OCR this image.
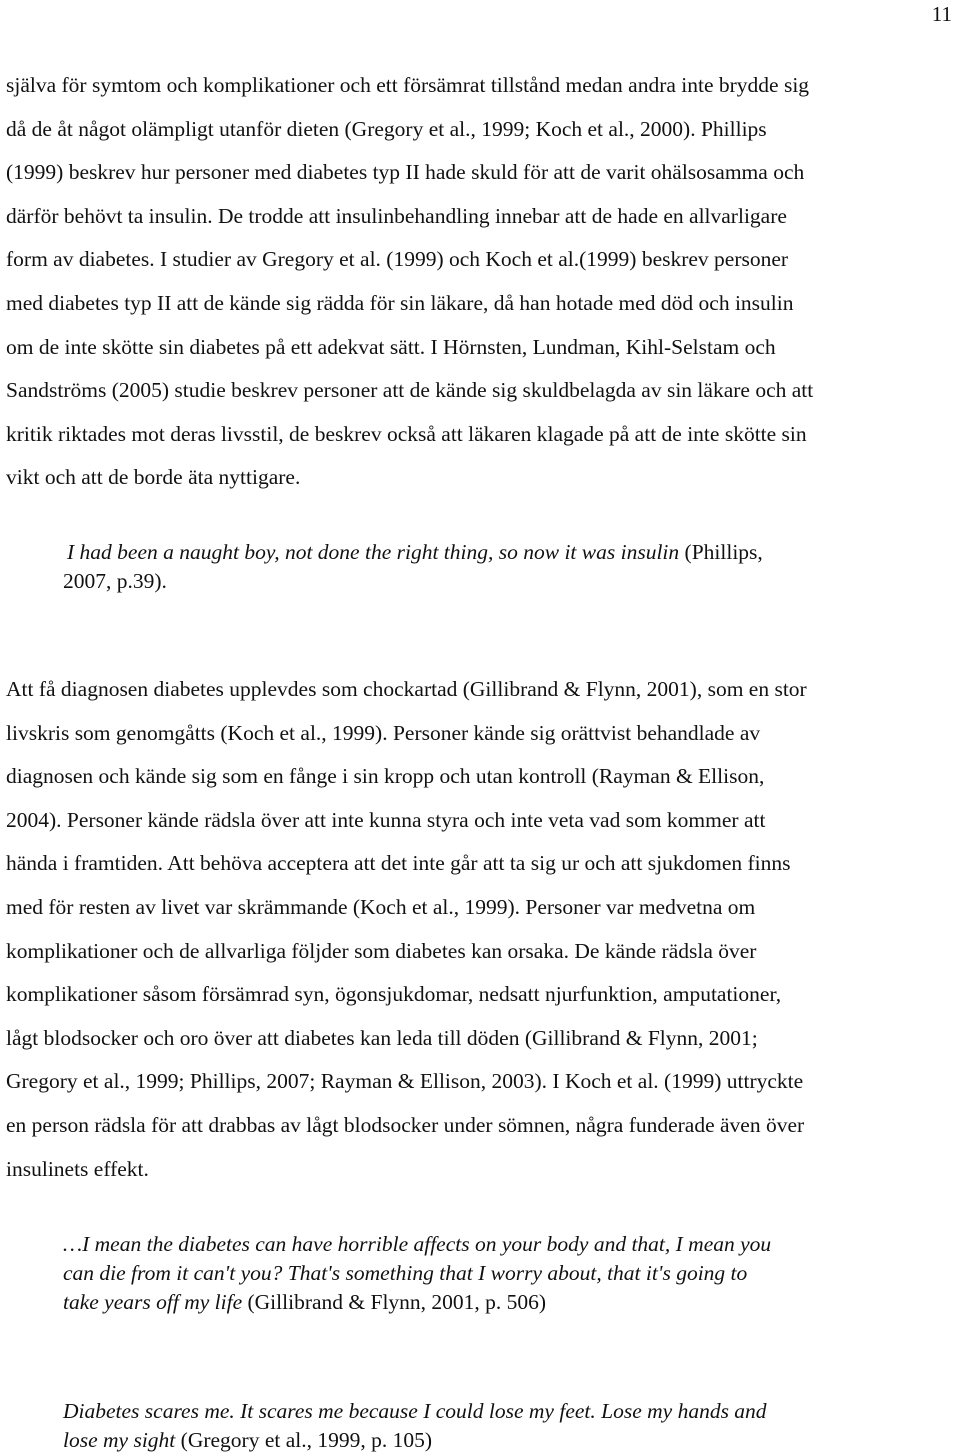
11

själva för symtom och komplikationer och ett försämrat tillstånd medan andra inte brydde sig
då de åt något olämpligt utanför dieten (Gregory et al., 1999; Koch et al., 2000). Phillips
(1999) beskrev hur personer med diabetes typ II hade skuld för att de varit ohälsosamma och
därför behövt ta insulin. De trodde att insulinbehandling innebar att de hade en allvarligare
form av diabetes. I studier av Gregory et al. (1999) och Koch et al.(1999) beskrev personer
med diabetes typ II att de kände sig rädda för sin läkare, då han hotade med död och insulin
om de inte skötte sin diabetes på ett adekvat sätt. I Hörnsten, Lundman, Kihl-Selstam och
Sandströms (2005) studie beskrev personer att de kände sig skuldbelagda av sin läkare och att
kritik riktades mot deras livsstil, de beskrev också att läkaren klagade på att de inte skötte sin
vikt och att de borde äta nyttigare.

I had been a naught boy, not done the right thing, so now it was insulin (Phillips,
2007, p.39).

Att få diagnosen diabetes upplevdes som chockartad (Gillibrand & Flynn, 2001), som en stor
livskris som genomgåtts (Koch et al., 1999). Personer kände sig orättvist behandlade av
diagnosen och kände sig som en fånge i sin kropp och utan kontroll (Rayman & Ellison,
2004). Personer kände rädsla över att inte kunna styra och inte veta vad som kommer att
hända i framtiden. Att behöva acceptera att det inte går att ta sig ur och att sjukdomen finns
med för resten av livet var skrämmande (Koch et al., 1999). Personer var medvetna om
komplikationer och de allvarliga följder som diabetes kan orsaka. De kände rädsla över
komplikationer såsom försämrad syn, ögonsjukdomar, nedsatt njurfunktion, amputationer,
lågt blodsocker och oro över att diabetes kan leda till döden (Gillibrand & Flynn, 2001;
Gregory et al., 1999; Phillips, 2007; Rayman & Ellison, 2003). I Koch et al. (1999) uttryckte
en person rädsla för att drabbas av lågt blodsocker under sömnen, några funderade även över
insulinets effekt.

…I mean the diabetes can have horrible affects on your body and that, I mean you
can die from it can't you? That's something that I worry about, that it's going to
take years off my life (Gillibrand & Flynn, 2001, p. 506)
Diabetes scares me. It scares me because I could lose my feet. Lose my hands and
lose my sight (Gregory et al., 1999, p. 105)
